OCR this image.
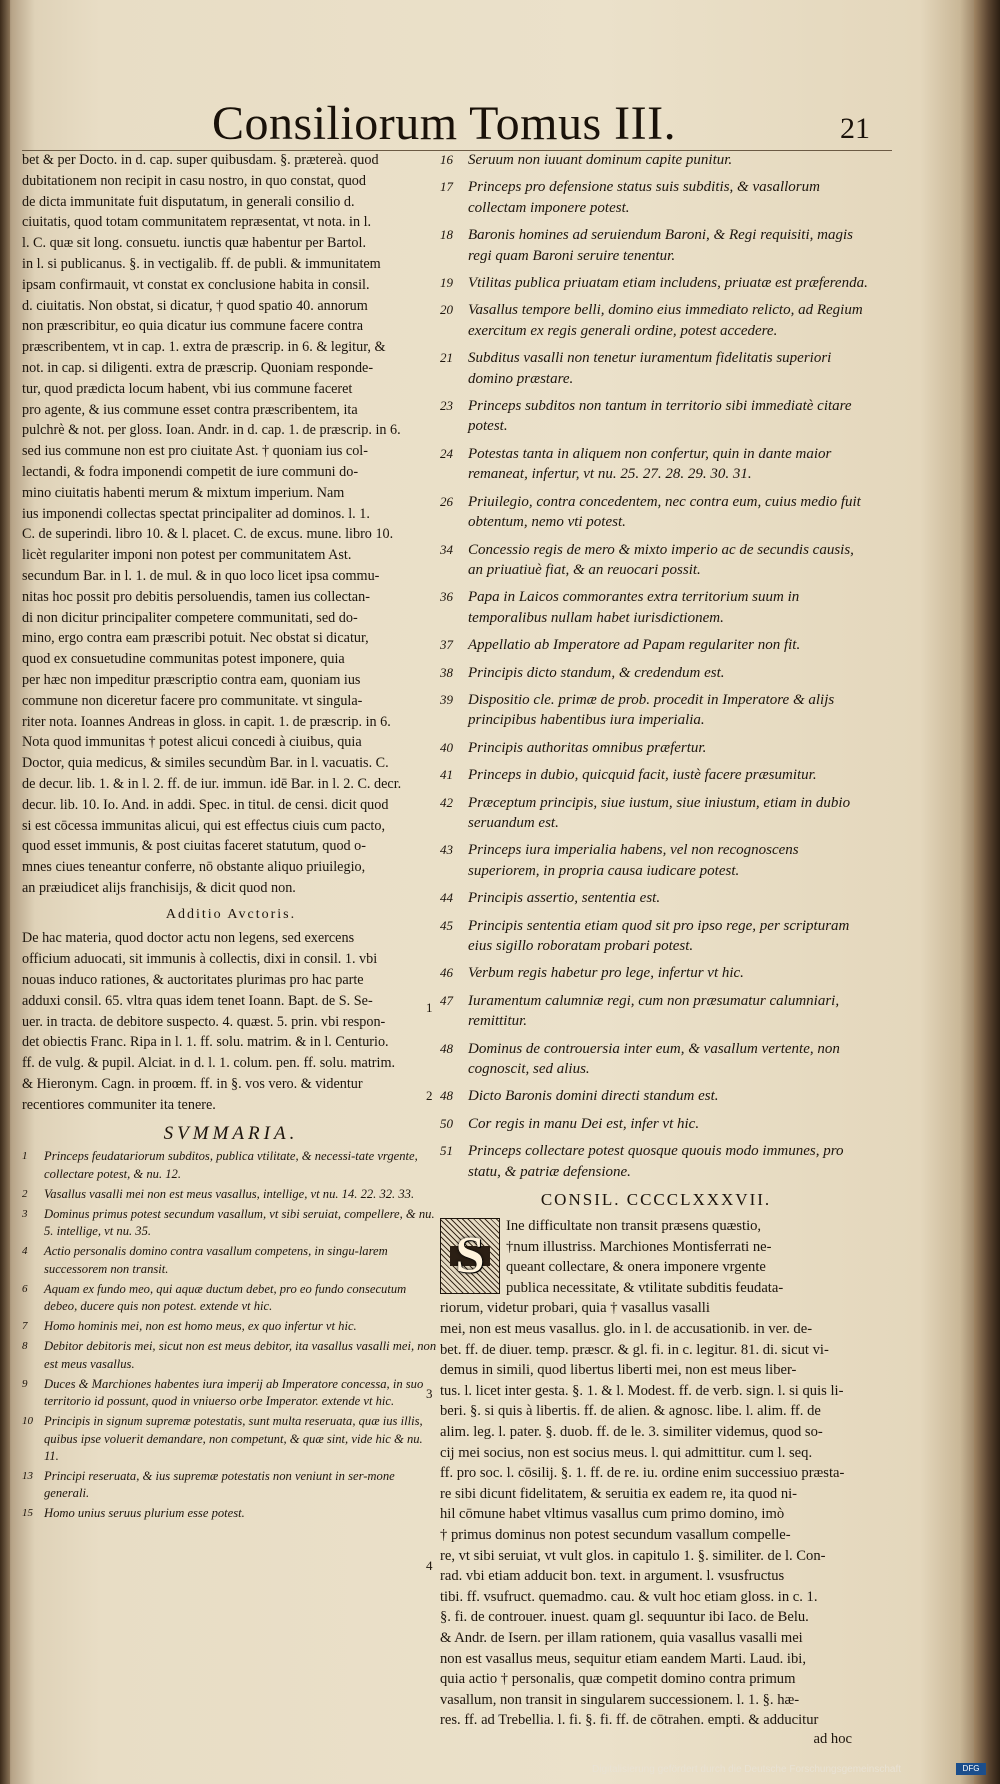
Consiliorum Tomus III.	21
bet & per Docto. in d. cap. super quibusdam. §. prætereà. quod
dubitationem non recipit in casu nostro, in quo constat, quod
de dicta immunitate fuit disputatum, in generali consilio d.
ciuitatis, quod totam communitatem repræsentat, vt nota. in l.
l. C. quæ sit long. consuetu. iunctis quæ habentur per Bartol.
in l. si publicanus. §. in vectigalib. ff. de publi. & immunitatem
ipsam confirmauit, vt constat ex conclusione habita in consil.
d. ciuitatis. Non obstat, si dicatur, † quod spatio 40. annorum
non præscribitur, eo quia dicatur ius commune facere contra
præscribentem, vt in cap. 1. extra de præscrip. in 6. & legitur, &
not. in cap. si diligenti. extra de præscrip. Quoniam responde-
tur, quod prædicta locum habent, vbi ius commune faceret
pro agente, & ius commune esset contra præscribentem, ita
pulchrè & not. per gloss. Ioan. Andr. in d. cap. 1. de præscrip. in 6.
sed ius commune non est pro ciuitate Ast. † quoniam ius col-
lectandi, & fodra imponendi competit de iure communi do-
mino ciuitatis habenti merum & mixtum imperium. Nam
ius imponendi collectas spectat principaliter ad dominos. l. 1.
C. de superindi. libro 10. & l. placet. C. de excus. mune. libro 10.
licèt regulariter imponi non potest per communitatem Ast.
secundum Bar. in l. 1. de mul. & in quo loco licet ipsa commu-
nitas hoc possit pro debitis persoluendis, tamen ius collectan-
di non dicitur principaliter competere communitati, sed do-
mino, ergo contra eam præscribi potuit. Nec obstat si dicatur,
quod ex consuetudine communitas potest imponere, quia
per hæc non impeditur præscriptio contra eam, quoniam ius
commune non diceretur facere pro communitate. vt singula-
riter nota. Ioannes Andreas in gloss. in capit. 1. de præscrip. in 6.
Nota quod immunitas † potest alicui concedi à ciuibus, quia
Doctor, quia medicus, & similes secundùm Bar. in l. vacuatis. C.
de decur. lib. 1. & in l. 2. ff. de iur. immun. idē Bar. in l. 2. C. decr.
decur. lib. 10. Io. And. in addi. Spec. in titul. de censi. dicit quod
si est cōcessa immunitas alicui, qui est effectus ciuis cum pacto,
quod esset immunis, & post ciuitas faceret statutum, quod o-
mnes ciues teneantur conferre, nō obstante aliquo priuilegio,
an præiudicet alijs franchisijs, & dicit quod non.
Additio Avctoris.
De hac materia, quod doctor actu non legens, sed exercens
officium aduocati, sit immunis à collectis, dixi in consil. 1. vbi
nouas induco rationes, & auctoritates plurimas pro hac parte
adduxi consil. 65. vltra quas idem tenet Ioann. Bapt. de S. Se-
uer. in tracta. de debitore suspecto. 4. quæst. 5. prin. vbi respon-
det obiectis Franc. Ripa in l. 1. ff. solu. matrim. & in l. Centurio.
ff. de vulg. & pupil. Alciat. in d. l. 1. colum. pen. ff. solu. matrim.
& Hieronym. Cagn. in proœm. ff. in §. vos vero. & videntur
recentiores communiter ita tenere.
SVMMARIA.
1	Princeps feudatariorum subditos, publica vtilitate, & necessi-tate vrgente, collectare potest, & nu. 12.
2	Vasallus vasalli mei non est meus vasallus, intellige, vt nu. 14. 22. 32. 33.
3	Dominus primus potest secundum vasallum, vt sibi seruiat, compellere, & nu. 5. intellige, vt nu. 35.
4	Actio personalis domino contra vasallum competens, in singu-larem successorem non transit.
6	Aquam ex fundo meo, qui aquæ ductum debet, pro eo fundo consecutum debeo, ducere quis non potest. extende vt hic.
7	Homo hominis mei, non est homo meus, ex quo infertur vt hic.
8	Debitor debitoris mei, sicut non est meus debitor, ita vasallus vasalli mei, non est meus vasallus.
9	Duces & Marchiones habentes iura imperij ab Imperatore concessa, in suo territorio id possunt, quod in vniuerso orbe Imperator. extende vt hic.
10 Principis in signum supremæ potestatis, sunt multa reseruata, quæ ius illis, quibus ipse voluerit demandare, non competunt, & quæ sint, vide hic & nu. 11.
13 Principi reseruata, & ius supremæ potestatis non veniunt in ser-mone generali.
15 Homo unius seruus plurium esse potest.
16	Seruum non iuuant dominum capite punitur.
17	Princeps pro defensione status suis subditis, & vasallorum collectam imponere potest.
18	Baronis homines ad seruiendum Baroni, & Regi requisiti, magis regi quam Baroni seruire tenentur.
19	Vtilitas publica priuatam etiam includens, priuatæ est præferenda.
20	Vasallus tempore belli, domino eius immediato relicto, ad Regium exercitum ex regis generali ordine, potest accedere.
21	Subditus vasalli non tenetur iuramentum fidelitatis superiori domino præstare.
23	Princeps subditos non tantum in territorio sibi immediatè citare potest.
24	Potestas tanta in aliquem non confertur, quin in dante maior remaneat, infertur, vt nu. 25. 27. 28. 29. 30. 31.
26	Priuilegio, contra concedentem, nec contra eum, cuius medio fuit obtentum, nemo vti potest.
34	Concessio regis de mero & mixto imperio ac de secundis causis, an priuatiuè fiat, & an reuocari possit.
36	Papa in Laicos commorantes extra territorium suum in temporalibus nullam habet iurisdictionem.
37	Appellatio ab Imperatore ad Papam regulariter non fit.
38	Principis dicto standum, & credendum est.
39	Dispositio cle. primæ de prob. procedit in Imperatore & alijs principibus habentibus iura imperialia.
40	Principis authoritas omnibus præfertur.
41	Princeps in dubio, quicquid facit, iustè facere præsumitur.
42	Præceptum principis, siue iustum, siue iniustum, etiam in dubio seruandum est.
43	Princeps iura imperialia habens, vel non recognoscens superiorem, in propria causa iudicare potest.
44	Principis assertio, sententia est.
45	Principis sententia etiam quod sit pro ipso rege, per scripturam eius sigillo roboratam probari potest.
46	Verbum regis habetur pro lege, infertur vt hic.
47	Iuramentum calumniæ regi, cum non præsumatur calumniari, remittitur.
48	Dominus de controuersia inter eum, & vasallum vertente, non cognoscit, sed alius.
48	Dicto Baronis domini directi standum est.
50	Cor regis in manu Dei est, infer vt hic.
51	Princeps collectare potest quosque quouis modo immunes, pro statu, & patriæ defensione.
CONSIL. CCCCLXXXVII.
S
Ine difficultate non transit præsens quæstio,
†num illustriss. Marchiones Montisferrati ne-
queant collectare, & onera imponere vrgente
publica necessitate, & vtilitate subditis feudata-
riorum, videtur probari, quia † vasallus vasalli
mei, non est meus vasallus. glo. in l. de accusationib. in ver. de-
bet. ff. de diuer. temp. præscr. & gl. fi. in c. legitur. 81. di. sicut vi-
demus in simili, quod libertus liberti mei, non est meus liber-
tus. l. licet inter gesta. §. 1. & l. Modest. ff. de verb. sign. l. si quis li-
beri. §. si quis à libertis. ff. de alien. & agnosc. libe. l. alim. ff. de
alim. leg. l. pater. §. duob. ff. de le. 3. similiter videmus, quod so-
cij mei socius, non est socius meus. l. qui admittitur. cum l. seq.
ff. pro soc. l. cōsilij. §. 1. ff. de re. iu. ordine enim successiuo præsta-
re sibi dicunt fidelitatem, & seruitia ex eadem re, ita quod ni-
hil cōmune habet vltimus vasallus cum primo domino, imò
† primus dominus non potest secundum vasallum compelle-
re, vt sibi seruiat, vt vult glos. in capitulo 1. §. similiter. de l. Con-
rad. vbi etiam adducit bon. text. in argument. l. vsusfructus
tibi. ff. vsufruct. quemadmo. cau. & vult hoc etiam gloss. in c. 1.
§. fi. de controuer. inuest. quam gl. sequuntur ibi Iaco. de Belu.
& Andr. de Isern. per illam rationem, quia vasallus vasalli mei
non est vasallus meus, sequitur etiam eandem Marti. Laud. ibi,
quia actio † personalis, quæ competit domino contra primum
vasallum, non transit in singularem successionem. l. 1. §. hæ-
res. ff. ad Trebellia. l. fi. §. fi. ff. de cōtrahen. empti. & adducitur
ad hoc
1
2
3
4
Digitalisierung gefördert durch die Deutsche Forschungsgemeinschaft	DFG
